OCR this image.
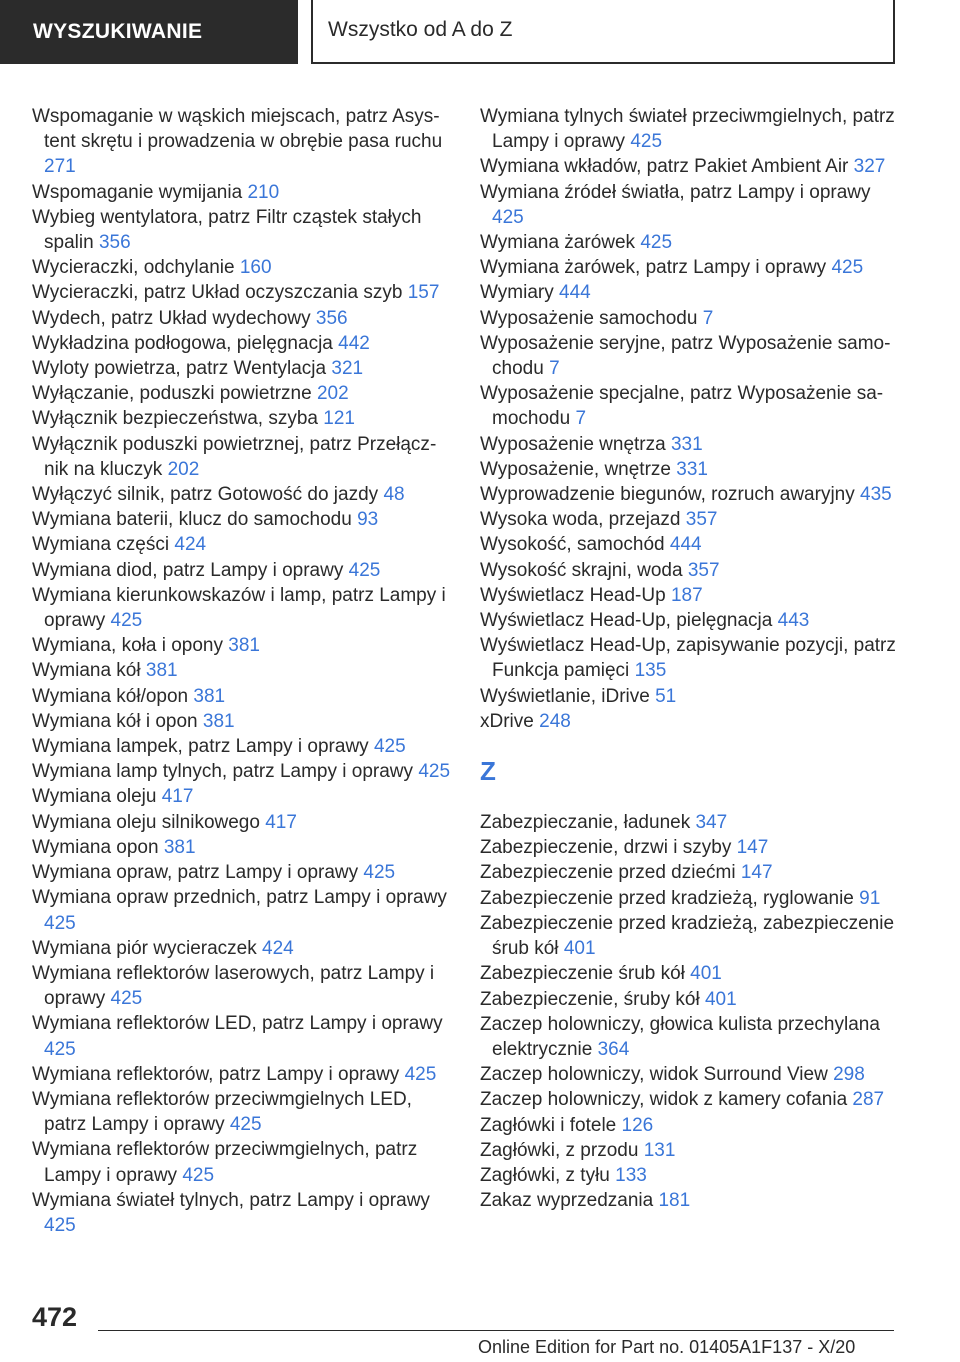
WYSZUKIWANIE	Wszystko od A do Z

Wspomaganie w wąskich miejscach, patrz Asystent skrętu i prowadzenia w obrębie pasa ruchu 271

Wspomaganie wymijania 210

Wybieg wentylatora, patrz Filtr cząstek stałych spalin 356

Wycieraczki, odchylanie 160

Wycieraczki, patrz Układ oczyszczania szyb 157

Wydech, patrz Układ wydechowy 356

Wykładzina podłogowa, pielęgnacja 442

Wyloty powietrza, patrz Wentylacja 321

Wyłączanie, poduszki powietrzne 202

Wyłącznik bezpieczeństwa, szyba 121

Wyłącznik poduszki powietrznej, patrz Przełącznik na kluczyk 202

Wyłączyć silnik, patrz Gotowość do jazdy 48

Wymiana baterii, klucz do samochodu 93

Wymiana części 424

Wymiana diod, patrz Lampy i oprawy 425

Wymiana kierunkowskazów i lamp, patrz Lampy i oprawy 425

Wymiana, koła i opony 381

Wymiana kół 381

Wymiana kół/opon 381

Wymiana kół i opon 381

Wymiana lampek, patrz Lampy i oprawy 425

Wymiana lamp tylnych, patrz Lampy i oprawy 425

Wymiana oleju 417

Wymiana oleju silnikowego 417

Wymiana opon 381

Wymiana opraw, patrz Lampy i oprawy 425

Wymiana opraw przednich, patrz Lampy i oprawy 425

Wymiana piór wycieraczek 424

Wymiana reflektorów laserowych, patrz Lampy i oprawy 425

Wymiana reflektorów LED, patrz Lampy i oprawy 425

Wymiana reflektorów, patrz Lampy i oprawy 425

Wymiana reflektorów przeciwmgielnych LED, patrz Lampy i oprawy 425

Wymiana reflektorów przeciwmgielnych, patrz Lampy i oprawy 425

Wymiana świateł tylnych, patrz Lampy i oprawy 425

Wymiana tylnych świateł przeciwmgielnych, patrz Lampy i oprawy 425

Wymiana wkładów, patrz Pakiet Ambient Air 327

Wymiana źródeł światła, patrz Lampy i oprawy 425

Wymiana żarówek 425

Wymiana żarówek, patrz Lampy i oprawy 425

Wymiary 444

Wyposażenie samochodu 7

Wyposażenie seryjne, patrz Wyposażenie samochodu 7

Wyposażenie specjalne, patrz Wyposażenie samochodu 7

Wyposażenie wnętrza 331

Wyposażenie, wnętrze 331

Wyprowadzenie biegunów, rozruch awaryjny 435

Wysoka woda, przejazd 357

Wysokość, samochód 444

Wysokość skrajni, woda 357

Wyświetlacz Head-Up 187

Wyświetlacz Head-Up, pielęgnacja 443

Wyświetlacz Head-Up, zapisywanie pozycji, patrz Funkcja pamięci 135

Wyświetlanie, iDrive 51

xDrive 248

Z

Zabezpieczanie, ładunek 347

Zabezpieczenie, drzwi i szyby 147

Zabezpieczenie przed dziećmi 147

Zabezpieczenie przed kradzieżą, ryglowanie 91

Zabezpieczenie przed kradzieżą, zabezpieczenie śrub kół 401

Zabezpieczenie śrub kół 401

Zabezpieczenie, śruby kół 401

Zaczep holowniczy, głowica kulista przechylana elektrycznie 364

Zaczep holowniczy, widok Surround View 298

Zaczep holowniczy, widok z kamery cofania 287

Zagłówki i fotele 126

Zagłówki, z przodu 131

Zagłówki, z tyłu 133

Zakaz wyprzedzania 181

472
Online Edition for Part no. 01405A1F137 - X/20
